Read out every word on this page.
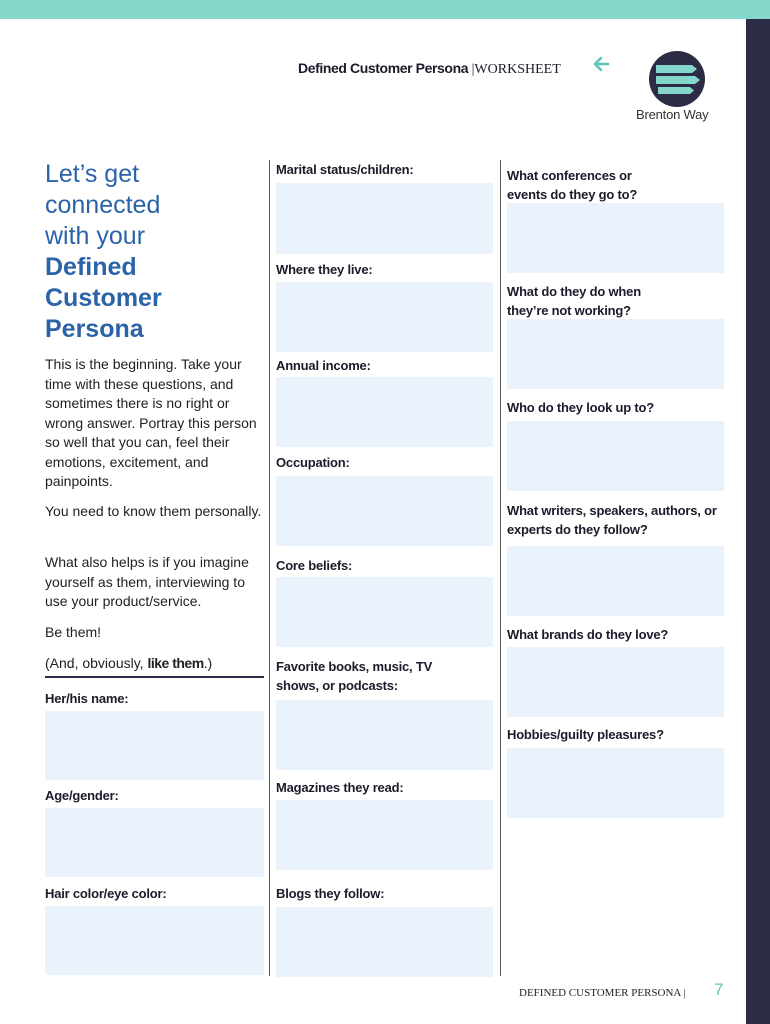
Defined Customer Persona |WORKSHEET
Brenton Way
Let’s get
connected
with your
Defined
Customer
Persona
This is the beginning. Take your time with these questions, and sometimes there is no right or wrong answer. Portray this person so well that you can, feel their emotions, excitement, and painpoints.
You need to know them personally.
What also helps is if you imagine yourself as them, interviewing to use your product/service.
Be them!
(And, obviously, like them.)
Her/his name:
Age/gender:
Hair color/eye color:
Marital status/children:
Where they live:
Annual income:
Occupation:
Core beliefs:
Favorite books, music, TV shows, or podcasts:
Magazines they read:
Blogs they follow:
What conferences or events do they go to?
What do they do when they’re not working?
Who do they look up to?
What writers, speakers, authors, or experts do they follow?
What brands do they love?
Hobbies/guilty pleasures?
DEFINED CUSTOMER PERSONA | 7
